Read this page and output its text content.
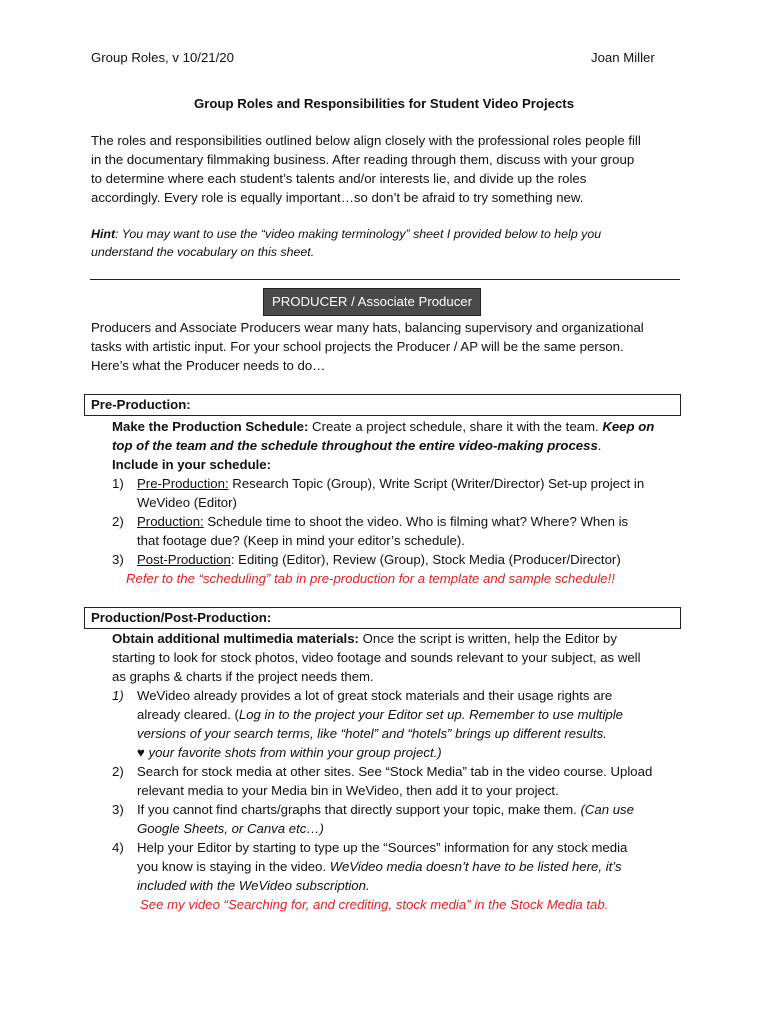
Group Roles, v 10/21/20	Joan Miller
Group Roles and Responsibilities for Student Video Projects
The roles and responsibilities outlined below align closely with the professional roles people fill
in the documentary filmmaking business. After reading through them, discuss with your group
to determine where each student’s talents and/or interests lie, and divide up the roles
accordingly. Every role is equally important…so don’t be afraid to try something new.
Hint: You may want to use the “video making terminology” sheet I provided below to help you
understand the vocabulary on this sheet.
PRODUCER / Associate Producer
Producers and Associate Producers wear many hats, balancing supervisory and organizational
tasks with artistic input. For your school projects the Producer / AP will be the same person.
Here’s what the Producer needs to do…
Pre-Production:
Make the Production Schedule: Create a project schedule, share it with the team. Keep on
top of the team and the schedule throughout the entire video-making process.
Include in your schedule:
1) Pre-Production: Research Topic (Group), Write Script (Writer/Director) Set-up project in
WeVideo (Editor)
2) Production: Schedule time to shoot the video. Who is filming what? Where? When is
that footage due? (Keep in mind your editor’s schedule).
3) Post-Production: Editing (Editor), Review (Group), Stock Media (Producer/Director)
Refer to the “scheduling” tab in pre-production for a template and sample schedule!!
Production/Post-Production:
Obtain additional multimedia materials: Once the script is written, help the Editor by
starting to look for stock photos, video footage and sounds relevant to your subject, as well
as graphs & charts if the project needs them.
1) WeVideo already provides a lot of great stock materials and their usage rights are
already cleared. (Log in to the project your Editor set up. Remember to use multiple
versions of your search terms, like “hotel” and “hotels” brings up different results.
♥ your favorite shots from within your group project.)
2) Search for stock media at other sites. See “Stock Media” tab in the video course. Upload
relevant media to your Media bin in WeVideo, then add it to your project.
3) If you cannot find charts/graphs that directly support your topic, make them. (Can use
Google Sheets, or Canva etc…)
4) Help your Editor by starting to type up the “Sources” information for any stock media
you know is staying in the video. WeVideo media doesn’t have to be listed here, it’s
included with the WeVideo subscription.
See my video “Searching for, and crediting, stock media” in the Stock Media tab.
